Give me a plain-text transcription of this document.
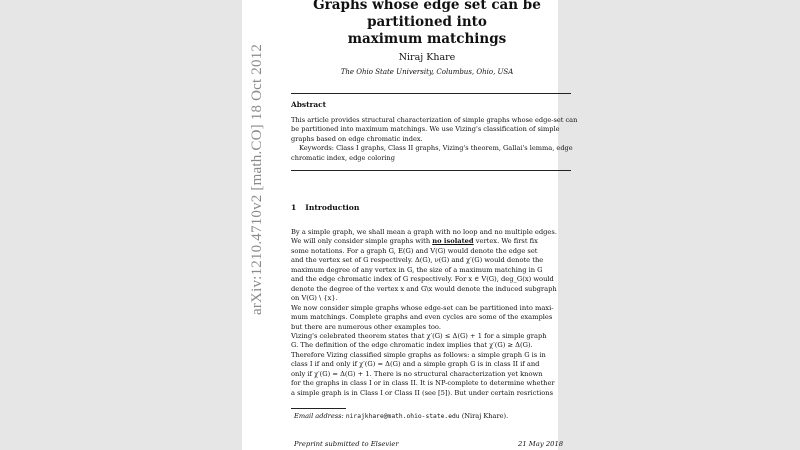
arXiv:1210.4710v2 [math.CO] 18 Oct 2012
Graphs whose edge set can be partitioned into
maximum matchings
Niraj Khare
The Ohio State University, Columbus, Ohio, USA
Abstract

This article provides structural characterization of simple graphs whose edge-set can

be partitioned into maximum matchings. We use Vizing's classification of simple

graphs based on edge chromatic index.

Keywords: Class I graphs, Class II graphs, Vizing's theorem, Gallai's lemma, edge

chromatic index, edge coloring

1 Introduction

By a simple graph, we shall mean a graph with no loop and no multiple edges.

We will only consider simple graphs with no isolated vertex. We first fix

some notations. For a graph G, E(G) and V(G) would denote the edge set

and the vertex set of G respectively. Δ(G), ν(G) and χ′(G) would denote the

maximum degree of any vertex in G, the size of a maximum matching in G

and the edge chromatic index of G respectively. For x ∈ V(G), deg_G(x) would

denote the degree of the vertex x and G\x would denote the induced subgraph

on V(G) \ {x}.

We now consider simple graphs whose edge-set can be partitioned into maxi-

mum matchings. Complete graphs and even cycles are some of the examples

but there are numerous other examples too.

Vizing's celebrated theorem states that χ′(G) ≤ Δ(G) + 1 for a simple graph

G. The definition of the edge chromatic index implies that χ′(G) ≥ Δ(G).

Therefore Vizing classified simple graphs as follows: a simple graph G is in

class I if and only if χ′(G) = Δ(G) and a simple graph G is in class II if and

only if χ′(G) = Δ(G) + 1. There is no structural characterization yet known

for the graphs in class I or in class II. It is NP-complete to determine whether

a simple graph is in Class I or Class II (see [5]). But under certain resrictions

Email address: nirajkhare@math.ohio-state.edu (Niraj Khare).
Preprint submitted to Elsevier	21 May 2018
